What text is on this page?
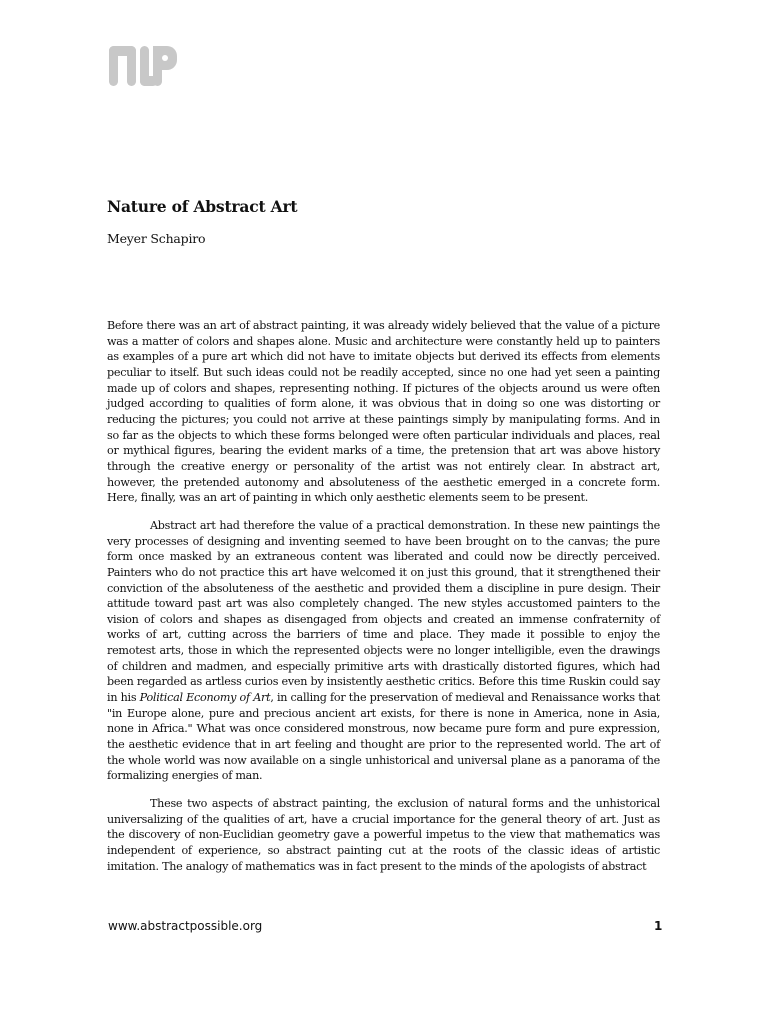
Nature of Abstract Art

Meyer Schapiro

Before there was an art of abstract painting, it was already widely believed that the value of a picture was a matter of colors and shapes alone. Music and architecture were constantly held up to painters as examples of a pure art which did not have to imitate objects but derived its effects from elements peculiar to itself. But such ideas could not be readily accepted, since no one had yet seen a painting made up of colors and shapes, representing nothing. If pictures of the objects around us were often judged according to qualities of form alone, it was obvious that in doing so one was distorting or reducing the pictures; you could not arrive at these paintings simply by manipulating forms. And in so far as the objects to which these forms belonged were often particular individuals and places, real or mythical figures, bearing the evident marks of a time, the pretension that art was above history through the creative energy or personality of the artist was not entirely clear. In abstract art, however, the pretended autonomy and absoluteness of the aesthetic emerged in a concrete form. Here, finally, was an art of painting in which only aesthetic elements seem to be present.

Abstract art had therefore the value of a practical demonstration. In these new paintings the very processes of designing and inventing seemed to have been brought on to the canvas; the pure form once masked by an extraneous content was liberated and could now be directly perceived. Painters who do not practice this art have welcomed it on just this ground, that it strengthened their conviction of the absoluteness of the aesthetic and provided them a discipline in pure design. Their attitude toward past art was also completely changed. The new styles accustomed painters to the vision of colors and shapes as disengaged from objects and created an immense confraternity of works of art, cutting across the barriers of time and place. They made it possible to enjoy the remotest arts, those in which the represented objects were no longer intelligible, even the drawings of children and madmen, and especially primitive arts with drastically distorted figures, which had been regarded as artless curios even by insistently aesthetic critics. Before this time Ruskin could say in his Political Economy of Art, in calling for the preservation of medieval and Renaissance works that "in Europe alone, pure and precious ancient art exists, for there is none in America, none in Asia, none in Africa." What was once considered monstrous, now became pure form and pure expression, the aesthetic evidence that in art feeling and thought are prior to the represented world. The art of the whole world was now available on a single unhistorical and universal plane as a panorama of the formalizing energies of man.

These two aspects of abstract painting, the exclusion of natural forms and the unhistorical universalizing of the qualities of art, have a crucial importance for the general theory of art. Just as the discovery of non-Euclidian geometry gave a powerful impetus to the view that mathematics was independent of experience, so abstract painting cut at the roots of the classic ideas of artistic imitation. The analogy of mathematics was in fact present to the minds of the apologists of abstract

www.abstractpossible.org	1
